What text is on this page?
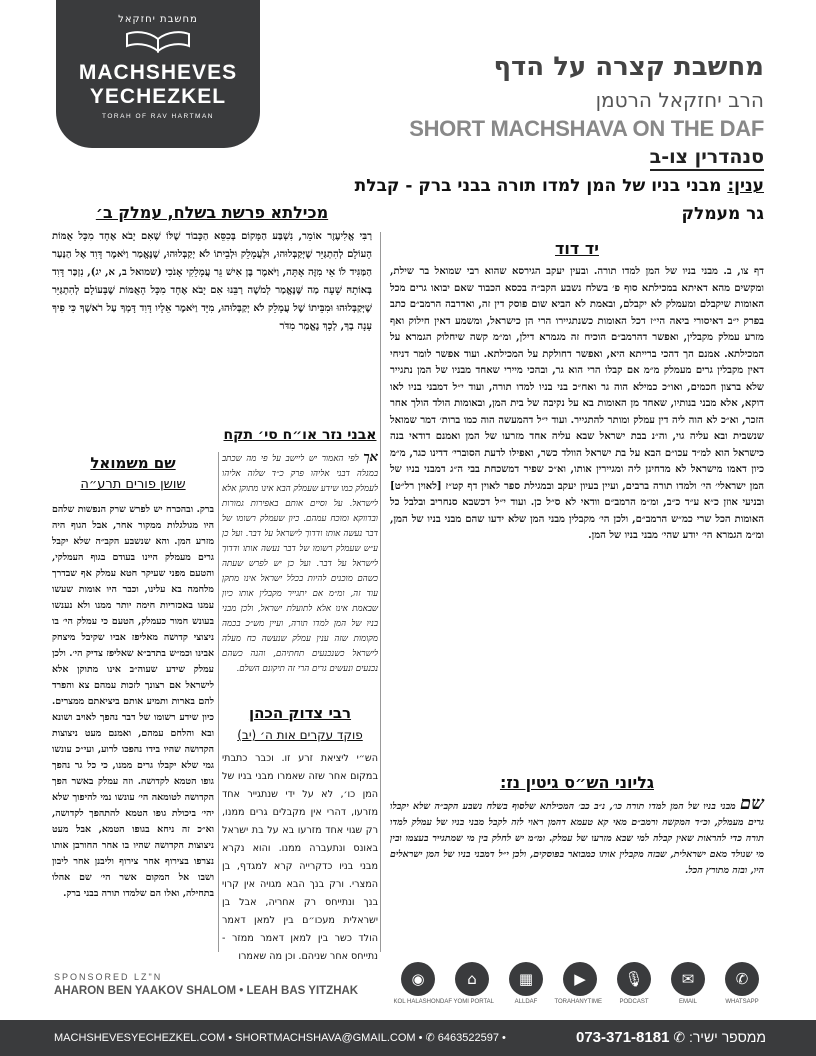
מחשבת יחזקאל
MACHSHEVES
YECHEZKEL
TORAH OF RAV HARTMAN
מחשבת קצרה על הדף
הרב יחזקאל הרטמן
SHORT MACHSHAVA ON THE DAF
סנהדרין צו-ב
ענין: מבני בניו של המן למדו תורה בבני ברק - קבלת גר מעמלק
מכילתא פרשת בשלח, עמלק ב׳
רַבִּי אֱלִיעֶזֶר אוֹמֵר, נִשְׁבַּע הַמָּקוֹם בְּכִסֵּא הַכָּבוֹד שֶׁלּוֹ שֶׁאִם יָבֹא אֶחָד מִכָּל אֻמּוֹת הָעוֹלָם לְהִתְגַּיֵּר שֶׁיְּקַבְּלוּהוּ, וּלְעֲמָלֵק וּלְבֵיתוֹ לֹא יְקַבְּלוּהוּ, שֶׁנֶּאֱמַר וַיֹּאמֶר דָּוִד אֶל הַנַּעַר הַמַּגִּיד לוֹ אֵי מִזֶּה אָתָּה, וַיֹּאמֶר בֶּן אִישׁ גֵּר עֲמָלֵקִי אָנֹכִי (שמואל ב, א, יג), נִזְכַּר דָּוִד בְּאוֹתָהּ שָׁעָה מַה שֶּׁנֶּאֱמַר לְמֹשֶׁה רַבֵּנוּ אִם יָבֹא אֶחָד מִכָּל הָאֻמּוֹת שֶׁבָּעוֹלָם לְהִתְגַּיֵּר שֶׁיְּקַבְּלוּהוּ וּמִבֵּיתוֹ שֶׁל עֲמָלֵק לֹא יְקַבְּלוּהוּ, מִיָּד וַיֹּאמֶר אֵלָיו דָּוִד דָּמְךָ עַל רֹאשֶׁךָ כִּי פִיךָ עָנָה בְךָ, לְכָךְ נֶאֱמַר מִדֹּר
יד דוד
דף צו, ב. מבני בניו של המן למדו תורה. ובעין יעקב הגירסא שהוא רבי שמואל בר שילת, ומקשים מהא דאיתא במכילתא סוף פ׳ בשלח נשבע הקב״ה בכסא הכבוד שאם יבואו גרים מכל האומות שיקבלם ומעמלק לא יקבלם, ובאמת לא הביא שום פוסק דין זה, ואדרבה הרמב״ם כתב בפרק י״ב דאיסורי ביאה הי״ז דכל האומות כשנתגיירו הרי הן כישראל, ומשמע דאין חילוק ואף מזרע עמלק מקבלין, ואפשר דהרמב״ם הוכיח זה מגמרא דילן, ומ״מ קשה שיחלוק הגמרא על המכילתא. אמנם הך דהכי ברייתא היא, ואפשר דחולקת על המכילתא. ועוד אפשר לומר דניחי דאין מקבלין גרים מעמלק מ״מ אם קבלו הרי הוא גר, ובהכי מיירי שאחד מבניו של המן נתגייר שלא ברצון חכמים, ואו״כ כמילא הוה גר ואח״כ בני בניו למדו תורה, ועוד י״ל דמבני בניו לאו דוקא, אלא מבני בנותיו, שאחד מן האומות בא על נקיבה של בית המן, ובאומות הולד הולך אחר הזכר, וא״כ לא הוה ליה דין עמלק ומותר להתגייר. ועוד י״ל דהמעשה הוה כמו ברות׳ דמר שמואל שנשבית ובא עליה גוי, וה״נ בבת ישראל שבא עליה אחד מזרעו של המן ואמנם דודאי בנה כישראל הוא למ״ד עכו״ם הבא על בת ישראל הוולד כשר, ואפילו לדעת הסוברי׳ דדינו כגר, מ״מ כיון דאמו מישראל לא מדחינן ליה ומגיירין אותו, וא״כ שפיר דמשכחת בבי ה״ג דמבני בניו של המן ישראלי׳ הי׳ ולמדו תורה ברבים, ועיין בעיון יעקב ובמגילת ספר לאוין דף קט״ז [לאוין רל״ט] ובניעי אוזן כ״א ע״ד כ״ב, ומ״מ הרמב״ם וודאי לא ס״ל כן. ועוד י״ל דכשבא סנחריב ובלבל כל האומות הכל שרי כמ״ש הרמב״ם, ולכן הי׳ מקבלין מבני המן שלא ידעו שהם מבני בניו של המן, ומ״מ הגמרא הי׳ יודע שהי׳ מבני בניו של המן.
גליוני הש״ס גיטין נז:
שם מבני בניו של המן למדו תורה כו׳, נ״ב כב׳ המכילתא שלסוף בשלח נשבע הקב״ה שלא יקבלו גרים מעמלק, וכ״ד המקשה ורמב״ם מאי קא טעמא דהמן ראוי לזה לקבל מבני בניו של עמלק למדו תורה כדי להראות שאין קבלה למי שבא מזרעו של עמלק. ומ״מ יש לחלק בין מי שמתגייר בעצמו ובין מי שנולד מאם ישראלית, שבזה מקבלין אותו כמבואר בפוסקים, ולכן י״ל דמבני בניו של המן ישראלים היו, ובזה מתורץ הכל.
אבני נזר או״ח סי׳ תקח
אך לפי האמור יש ליישב על פי מה שכתב במגלה דבני אליהו פרק כ״ד שלוה אליהו לעמלק כמו שידע שעמלק הבא אינו מתוקן אלא לישראל. על וסיים אותם באפירות גמורות ובדווקא ומוכח עמהם. כיון שעמלק רשומו של דבר נעשה אותו ודדוך לישראל על דבר. ועל כן ע״ש שעמלק רשומו של דבר נעשה אותו ודדוך לישראל על דבר. ועל כן יש לפרש שעתה כשהם מוכנים להיות בכלל ישראל אינו מתקן עוד זה, ומ״מ אם יתגייר מקבלין אותו כיון שבאמת אינו אלא לתועלת ישראל, ולכן מבני בניו של המן למדו תורה, ועיין מש״כ בכמה מקומות שזה ענין עמלק שנעשה כח מעלה לישראל כשנכנעים תחתיהם, והנה כשהם נכנעים ונעשים גרים הרי זה תיקונם השלם.
רבי צדוק הכהן
פוקד עקרים אות ה׳ (יב)
הש״י ליציאת זרע זו. וכבר כתבתי במקום אחר שזה שאמרו מבני בניו של המן כו׳, לא על ידי שנתגייר אחד מזרעו, דהרי אין מקבלים גרים ממנו, רק שגוי אחד מזרעו בא על בת ישראל באונס ונתעברה ממנו. והוא נקרא מבני בניו כדקרייה קרא למגדף, בן המצרי. ורק בנך הבא מגויה אין קרוי בנך ונתייחס רק אחריה, אבל בן ישראלית מעכו״ם בין למאן דאמר הולד כשר בין למאן דאמר ממזר - נתייחס אחר שניהם. וכן מה שאמרו
שם משמואל
שושן פורים תרע״ה
ברק. ובהכרח יש לפרש שרק הנפשות שלהם היו מגולגלות ממקור אחר, אבל הגוף היה מזרע המן. והא שנשבע הקב״ה שלא יקבל גרים מעמלק היינו בעודם בגוף העמלקי, והטעם מפני שעיקר חטא עמלק אף שבדרך מלחמה בא עלינו, וכבר היו אומות שעשו עמנו באכזריות חימה יותר ממנו ולא נענשו בעונש חמור כעמלק, הטעם כי עמלק הי׳ בו ניצוצי קדושה מאליפז אביו שקיבל מיצחק אבינו וכמ״ש בתדב״א שאליפז צדיק הי׳. ולכן עמלק שידע שעוה״ב אינו מתוקן אלא לישראל אם רצונך לזכות עמהם צא והפרד להם בארות ותמיע אותם ביציאתם ממצרים. כיון שידע רשומו של דבר נהפך לאויב ושונא ובא והלחם עמהם, ואמנם מעט ניצוצות הקדושה שהיו בידו נהפכו לרוע, ועי״כ עונשו גמי שלא יקבלו גרים ממנו, כי כל גר נהפך גופו הטמא לקדושה. וזה עמלק באשר הפך הקדושה לטומאה הי׳ עונשו נמי להיפוך שלא יהי׳ ביכולת גופו הטמא להתהפך לקדושה, וא״כ זה ניחא בגופו הטמא, אבל מעט ניצוצות הקדושה שהיו בו אחר החורבן אותו נצרפו בצירוף אחר צירוף וליבנן אחר ליבון ושבו אל המקום אשר הי׳ שם אהלו בתחילה, ואלו הם שלמדו תורה בבני ברק.
SPONSORED LZ"N
AHARON BEN YAAKOV SHALOM • LEAH BAS YITZHAK
✆
WHATSAPP
✉
EMAIL
🎙
PODCAST
▶
TORAHANYTIME
▦
ALLDAF
⌂
DAF YOMI PORTAL
◉
KOL HALASHON
MACHSHEVESYECHEZKEL.COM • SHORTMACHSHAVA@GMAIL.COM • ✆ 6463522597 •	ממספר ישיר: ✆ 073-371-8181
